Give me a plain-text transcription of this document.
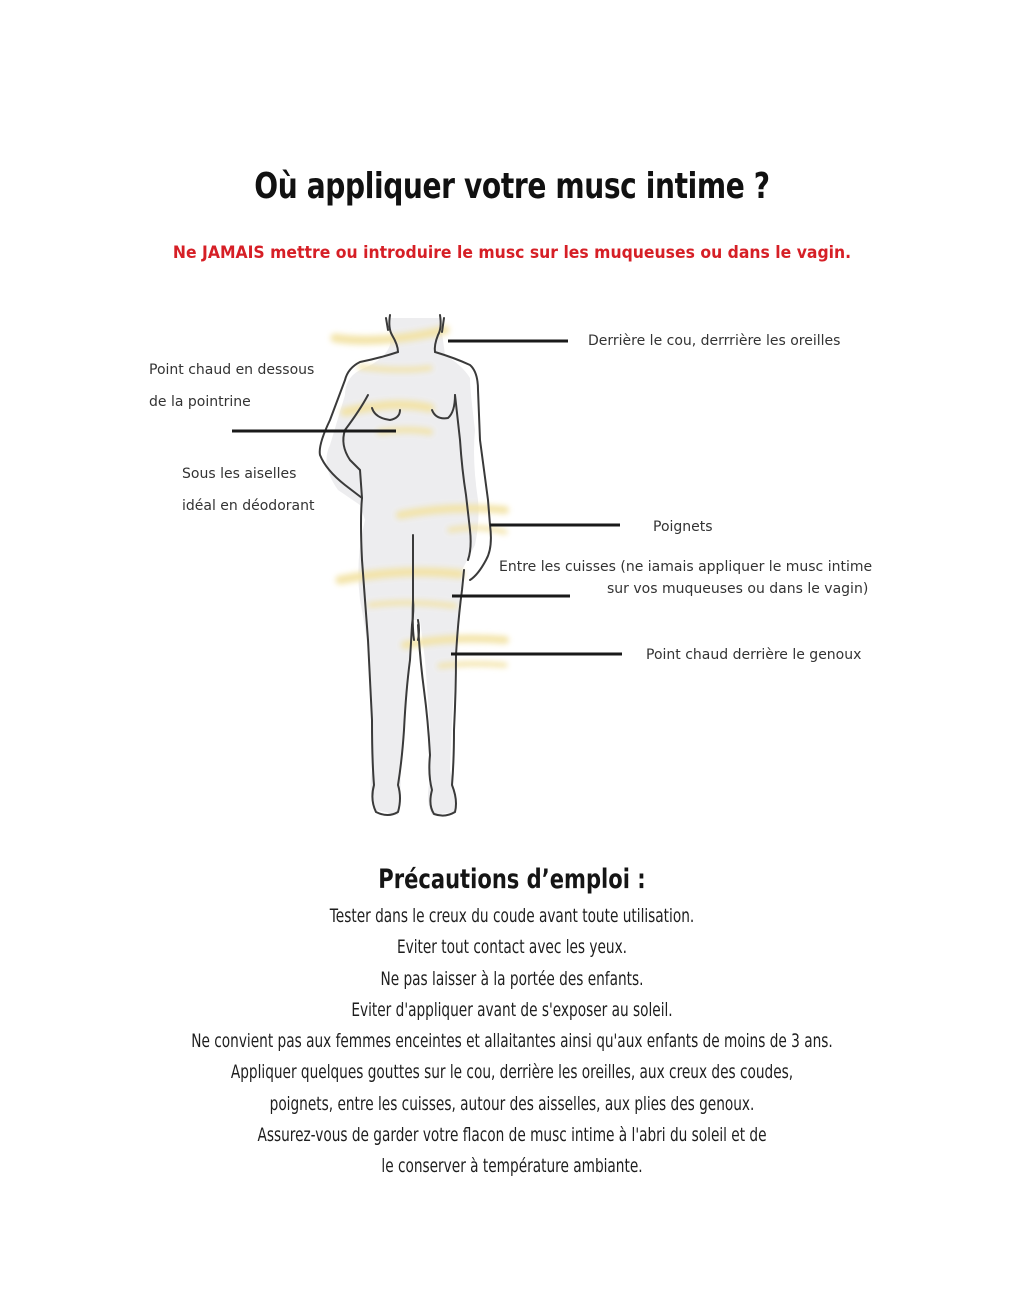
Où appliquer votre musc intime ?
Ne JAMAIS mettre ou introduire le musc sur les muqueuses ou dans le vagin.
Derrière le cou, derrrière les oreilles
Point chaud en dessous
de la pointrine
Sous les aiselles
idéal en déodorant
Poignets
Entre les cuisses (ne iamais appliquer le musc intime
sur vos muqueuses ou dans le vagin)
Point chaud derrière le genoux
Précautions d’emploi :
Tester dans le creux du coude avant toute utilisation.
Eviter tout contact avec les yeux.
Ne pas laisser à la portée des enfants.
Eviter d'appliquer avant de s'exposer au soleil.
Ne convient pas aux femmes enceintes et allaitantes ainsi qu'aux enfants de moins de 3 ans.
Appliquer quelques gouttes sur le cou, derrière les oreilles, aux creux des coudes,
poignets, entre les cuisses, autour des aisselles, aux plies des genoux.
Assurez-vous de garder votre flacon de musc intime à l'abri du soleil et de
le conserver à température ambiante.
